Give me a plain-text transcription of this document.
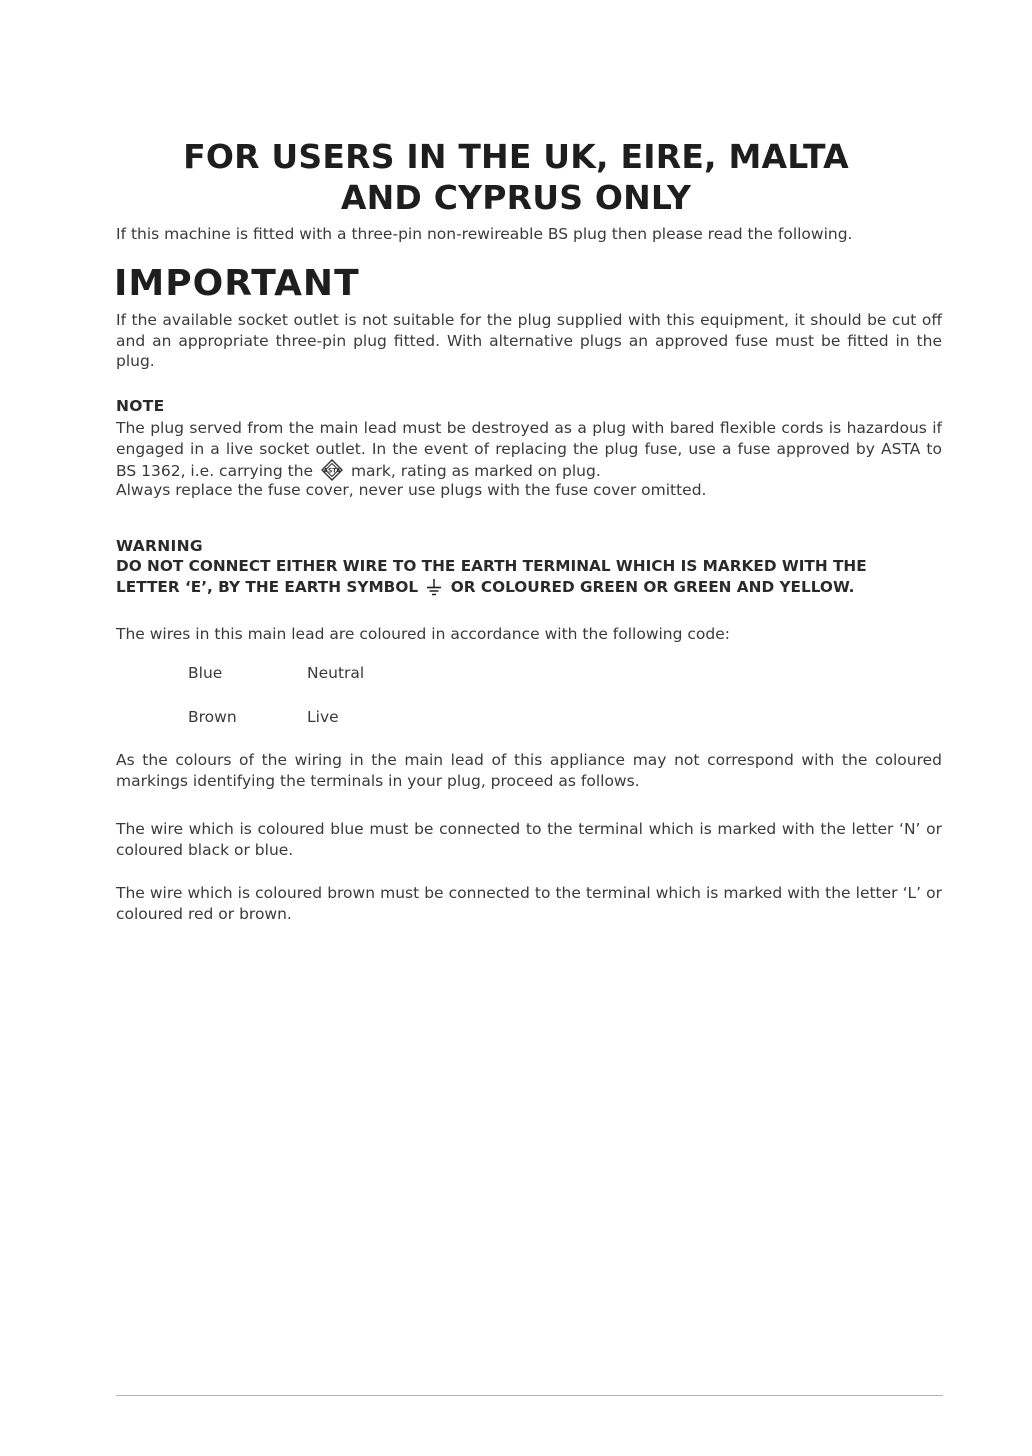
FOR USERS IN THE UK, EIRE, MALTA
AND CYPRUS ONLY

If this machine is fitted with a three-pin non-rewireable BS plug then please read the following.

IMPORTANT

If the available socket outlet is not suitable for the plug supplied with this equipment, it should be cut off and an appropriate three-pin plug fitted. With alternative plugs an approved fuse must be fitted in the plug.

NOTE

The plug served from the main lead must be destroyed as a plug with bared flexible cords is hazardous if engaged in a live socket outlet. In the event of replacing the plug fuse, use a fuse approved by ASTA to BS 1362, i.e. carrying the ASTA mark, rating as marked on plug.

Always replace the fuse cover, never use plugs with the fuse cover omitted.

WARNING

DO NOT CONNECT EITHER WIRE TO THE EARTH TERMINAL WHICH IS MARKED WITH THE
LETTER ‘E’, BY THE EARTH SYMBOL OR COLOURED GREEN OR GREEN AND YELLOW.

The wires in this main lead are coloured in accordance with the following code:

Blue	Neutral

Brown	Live

As the colours of the wiring in the main lead of this appliance may not correspond with the coloured markings identifying the terminals in your plug, proceed as follows.

The wire which is coloured blue must be connected to the terminal which is marked with the letter ‘N’ or coloured black or blue.

The wire which is coloured brown must be connected to the terminal which is marked with the letter ‘L’ or coloured red or brown.
